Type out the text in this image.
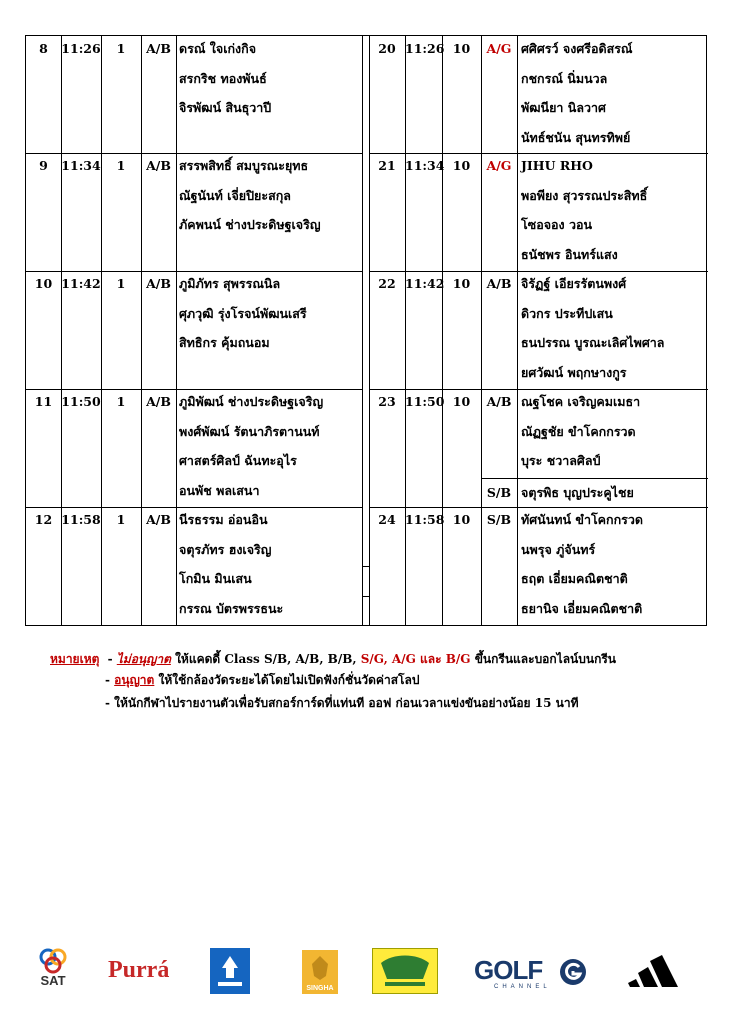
8	11:26	1	A/B ดรณ์ ใจเก่งกิจ
สรกริช ทองพันธ์
จิรพัฒน์ สินธุวาปี
20 11:26 10	A/G ศศิศรว์ จงศรีอดิสรณ์
กชกรณ์ นิ่มนวล
พัฒนียา นิลวาศ
นัทธ์ชนัน สุนทรทิพย์
9	11:34	1	A/B สรรพสิทธิ์ สมบูรณะยุทธ
ณัฐนันท์ เจี่ยปิยะสกุล
ภัคพนน์ ช่างประดิษฐเจริญ
21 11:34 10	A/G JIHU RHO
พอพียง สุวรรณประสิทธิ์
โซอจอง วอน
ธนัชพร อินทร์แสง
10 11:42	1	A/B ภูมิภัทร สุพรรณนิล
ศุภวุฒิ รุ่งโรจน์พัฒนเสรี
สิทธิกร คุ้มถนอม
22 11:42 10	A/B จิรัฏฐ์ เอียรรัตนพงศ์
ดิวกร ประทีปเสน
ธนปรรณ บูรณะเลิศไพศาล
ยศวัฒน์ พฤกษางกูร
11 11:50	1	A/B ภูมิพัฒน์ ช่างประดิษฐเจริญ
พงศ์พัฒน์ รัตนาภิรตานนท์
ศาสตร์ศิลป์ ฉันทะอุไร
อนพัช พลเสนา
23 11:50 10	A/B ณฐโชค เจริญคมเมธา
ณัฏฐชัย ขำโคกกรวด
บุระ ชวาลศิลป์
S/B จตุรพิธ บุญประคูไชย
12 11:58	1	A/B นีรธรรม อ่อนอิน
จตุรภัทร ฮงเจริญ
โกมิน มินเสน
กรรณ บัตรพรรธนะ
24 11:58 10	S/B ทัศนันทน์ ขำโคกกรวด
นพรุจ ภู่จันทร์
ธฤต เอี่ยมคณิตชาติ
ธยานิจ เอี่ยมคณิตชาติ
หมายเหตุ - ไม่อนุญาต ให้แคดดี้ Class S/B, A/B, B/B, S/G, A/G และ B/G ขึ้นกรีนและบอกไลน์บนกรีน
- อนุญาต ให้ใช้กล้องวัดระยะได้โดยไม่เปิดฟังก์ชั่นวัดค่าสโลป
- ให้นักกีฬาไปรายงานตัวเพื่อรับสกอร์การ์ดที่แท่นที ออฟ ก่อนเวลาแข่งขันอย่างน้อย 15 นาที
SAT Purrá
SINGHA
GOLF
CHANNEL
